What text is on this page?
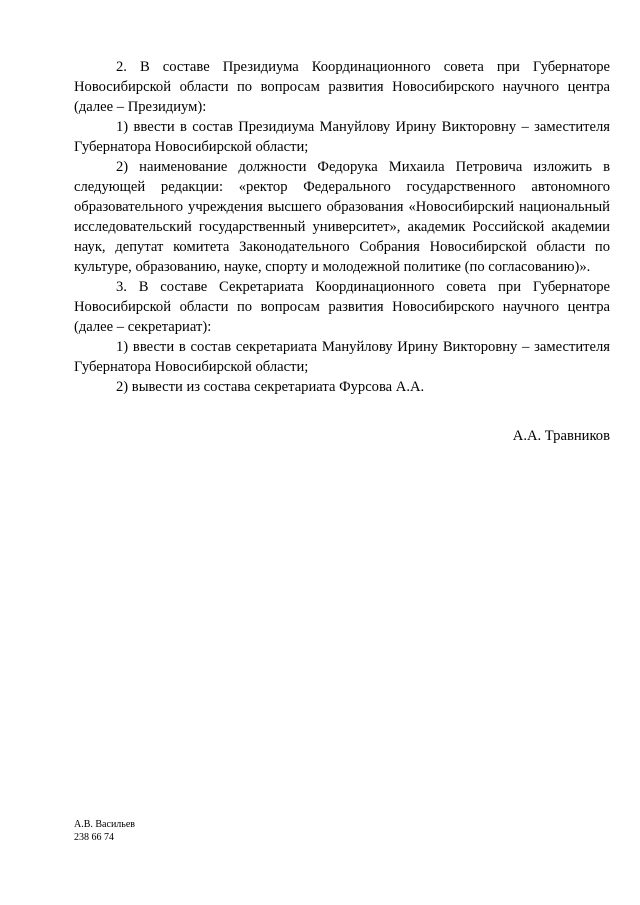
2. В составе Президиума Координационного совета при Губернаторе Новосибирской области по вопросам развития Новосибирского научного центра (далее – Президиум):

1) ввести в состав Президиума Мануйлову Ирину Викторовну – заместителя Губернатора Новосибирской области;

2) наименование должности Федорука Михаила Петровича изложить в следующей редакции: «ректор Федерального государственного автономного образовательного учреждения высшего образования «Новосибирский национальный исследовательский государственный университет», академик Российской академии наук, депутат комитета Законодательного Собрания Новосибирской области по культуре, образованию, науке, спорту и молодежной политике (по согласованию)».

3. В составе Секретариата Координационного совета при Губернаторе Новосибирской области по вопросам развития Новосибирского научного центра (далее – секретариат):

1) ввести в состав секретариата Мануйлову Ирину Викторовну – заместителя Губернатора Новосибирской области;

2) вывести из состава секретариата Фурсова А.А.

А.А. Травников
А.В. Васильев
238 66 74
